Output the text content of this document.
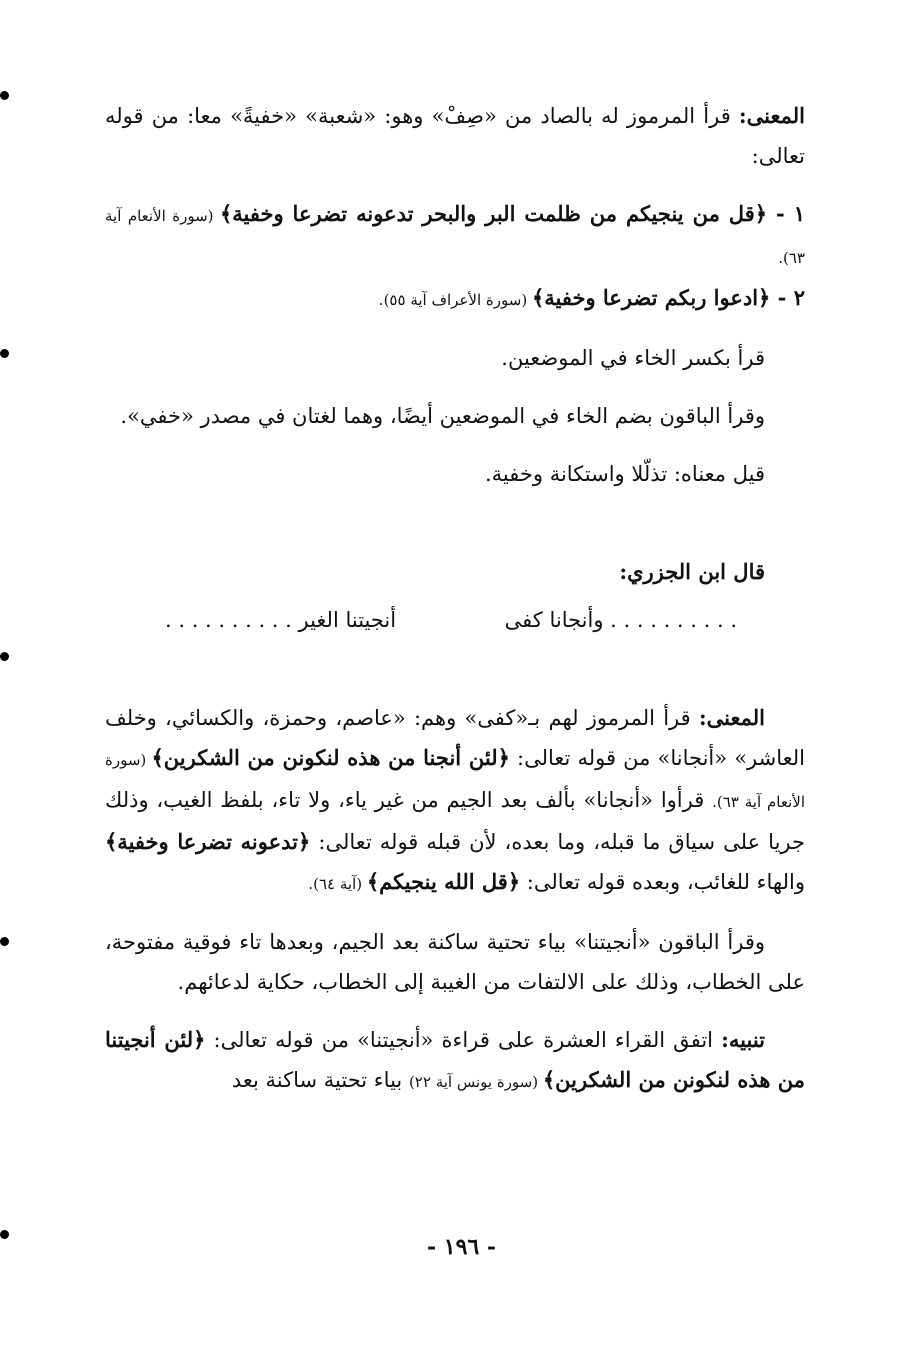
المعنى: قرأ المرموز له بالصاد من «صِفْ» وهو: «شعبة» «خفيةً» معا: من قوله تعالى:

١ - ﴿قل من ينجيكم من ظلمت البر والبحر تدعونه تضرعا وخفية﴾ (سورة الأنعام آية ٦٣).

٢ - ﴿ادعوا ربكم تضرعا وخفية﴾ (سورة الأعراف آية ٥٥).

قرأ بكسر الخاء في الموضعين.

وقرأ الباقون بضم الخاء في الموضعين أيضًا، وهما لغتان في مصدر «خفي».

قيل معناه: تذلّلا واستكانة وخفية.

قال ابن الجزري:

. . . . . . . . . . وأنجانا كفى
أنجيتنا الغير . . . . . . . . . .

المعنى: قرأ المرموز لهم بـ«كفى» وهم: «عاصم، وحمزة، والكسائي، وخلف العاشر» «أنجانا» من قوله تعالى: ﴿لئن أنجنا من هذه لنكونن من الشكرين﴾ (سورة الأنعام آية ٦٣). قرأوا «أنجانا» بألف بعد الجيم من غير ياء، ولا تاء، بلفظ الغيب، وذلك جريا على سياق ما قبله، وما بعده، لأن قبله قوله تعالى: ﴿تدعونه تضرعا وخفية﴾ والهاء للغائب، وبعده قوله تعالى: ﴿قل الله ينجيكم﴾ (آية ٦٤).

وقرأ الباقون «أنجيتنا» بياء تحتية ساكنة بعد الجيم، وبعدها تاء فوقية مفتوحة، على الخطاب، وذلك على الالتفات من الغيبة إلى الخطاب، حكاية لدعائهم.

تنبيه: اتفق القراء العشرة على قراءة «أنجيتنا» من قوله تعالى: ﴿لئن أنجيتنا من هذه لنكونن من الشكرين﴾ (سورة يونس آية ٢٢) بياء تحتية ساكنة بعد

- ١٩٦ -
